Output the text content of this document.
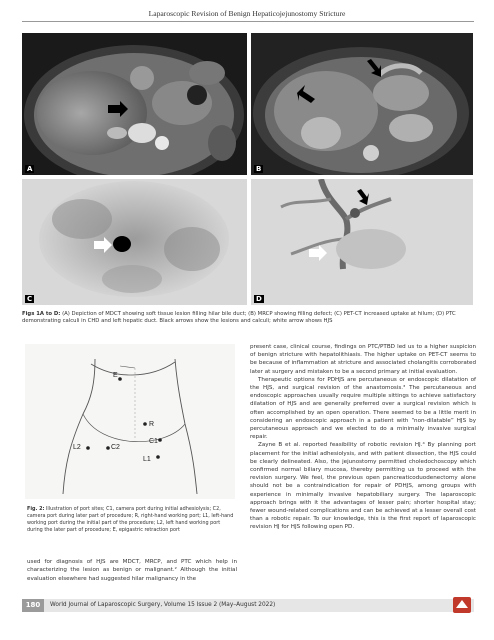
Laparoscopic Revision of Benign Hepaticojejunostomy Stricture
A	B
C	D
Figs 1A to D: (A) Depiction of MDCT showing soft tissue lesion filling hilar bile duct; (B) MRCP showing filling defect; (C) PET-CT increased uptake at hilum; (D) PTC demonstrating calculi in CHD and left hepatic duct. Black arrows show the lesions and calculi; white arrow shows HJS
E
R
C1
C2
L1
L2
Fig. 2: Illustration of port sites; C1, camera port during initial adhesiolysis; C2, camera port during later part of procedure; R, right-hand working port; L1, left-hand working port during the initial part of the procedure; L2, left hand working port during the later part of procedure; E, epigastric retraction port
used for diagnosis of HJS are MDCT, MRCP, and PTC which help in characterizing the lesion as benign or malignant.² Although the initial evaluation elsewhere had suggested hilar malignancy in the

present case, clinical course, findings on PTC/PTBD led us to a higher suspicion of benign stricture with hepatolithiasis. The higher uptake on PET-CT seems to be because of inflammation at stricture and associated cholangitis corroborated later at surgery and mistaken to be a second primary at initial evaluation.

Therapeutic options for PDHJS are percutaneous or endoscopic dilatation of the HJS, and surgical revision of the anastomosis.³ The percutaneous and endoscopic approaches usually require multiple sittings to achieve satisfactory dilatation of HJS and are generally preferred over a surgical revision which is often accomplished by an open operation. There seemed to be a little merit in considering an endoscopic approach in a patient with “non-dilatable” HJS by percutaneous approach and we elected to do a minimally invasive surgical repair.

Zayne B et al. reported feasibility of robotic revision HJ.⁴ By planning port placement for the initial adhesiolysis, and with patient dissection, the HJS could be clearly delineated. Also, the jejunostomy permitted choledochoscopy which confirmed normal biliary mucosa, thereby permitting us to proceed with the revision surgery. We feel, the previous open pancreaticoduodenectomy alone should not be a contraindication for repair of PDHJS, among groups with experience in minimally invasive hepatobiliary surgery. The laparoscopic approach brings with it the advantages of lesser pain; shorter hospital stay; fewer wound-related complications and can be achieved at a lesser overall cost than a robotic repair. To our knowledge, this is the first report of laparoscopic revision HJ for HJS following open PD.

180	World Journal of Laparoscopic Surgery, Volume 15 Issue 2 (May–August 2022)
